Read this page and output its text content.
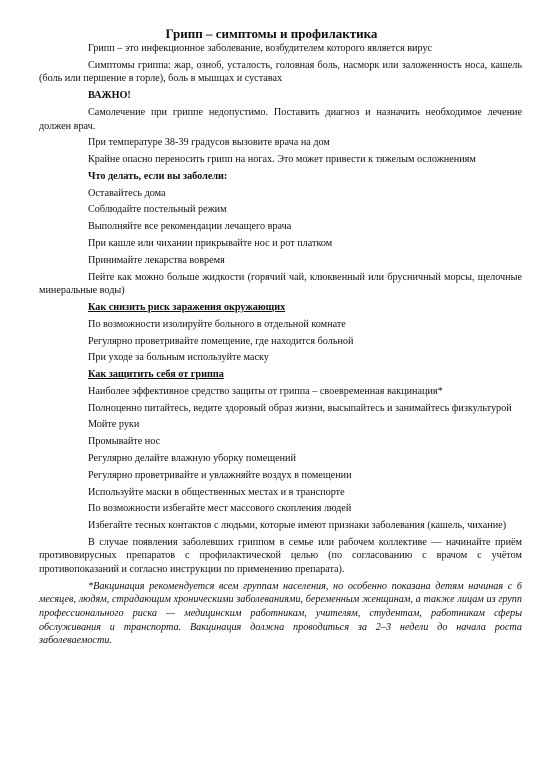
Грипп – симптомы и профилактика

Грипп – это инфекционное заболевание, возбудителем которого является вирус

Симптомы гриппа: жар, озноб, усталость, головная боль, насморк или заложенность носа, кашель (боль или першение в горле), боль в мышцах и суставах

ВАЖНО!

Самолечение при гриппе недопустимо. Поставить диагноз и назначить необходимое лечение должен врач.

При температуре 38-39 градусов вызовите врача на дом

Крайне опасно переносить грипп на ногах. Это может привести к тяжелым осложнениям

Что делать, если вы заболели:

Оставайтесь дома

Соблюдайте постельный режим

Выполняйте все рекомендации лечащего врача

При кашле или чихании прикрывайте нос и рот платком

Принимайте лекарства вовремя

Пейте как можно больше жидкости (горячий чай, клюквенный или брусничный морсы, щелочные минеральные воды)

Как снизить риск заражения окружающих

По возможности изолируйте больного в отдельной комнате

Регулярно проветривайте помещение, где находится больной

При уходе за больным используйте маску

Как защитить себя от гриппа

Наиболее эффективное средство защиты от гриппа – своевременная вакцинация*

Полноценно питайтесь, ведите здоровый образ жизни, высыпайтесь и занимайтесь физкультурой

Мойте руки

Промывайте нос

Регулярно делайте влажную уборку помещений

Регулярно проветривайте и увлажняйте воздух в помещении

Используйте маски в общественных местах и в транспорте

По возможности избегайте мест массового скопления людей

Избегайте тесных контактов с людьми, которые имеют признаки заболевания (кашель, чихание)

В случае появления заболевших гриппом в семье или рабочем коллективе — начинайте приём противовирусных препаратов с профилактической целью (по согласованию с врачом с учётом противопоказаний и согласно инструкции по применению препарата).

*Вакцинация рекомендуется всем группам населения, но особенно показана детям начиная с 6 месяцев, людям, страдающим хроническими заболеваниями, беременным женщинам, а также лицам из групп профессионального риска — медицинским работникам, учителям, студентам, работникам сферы обслуживания и транспорта. Вакцинация должна проводиться за 2–3 недели до начала роста заболеваемости.
